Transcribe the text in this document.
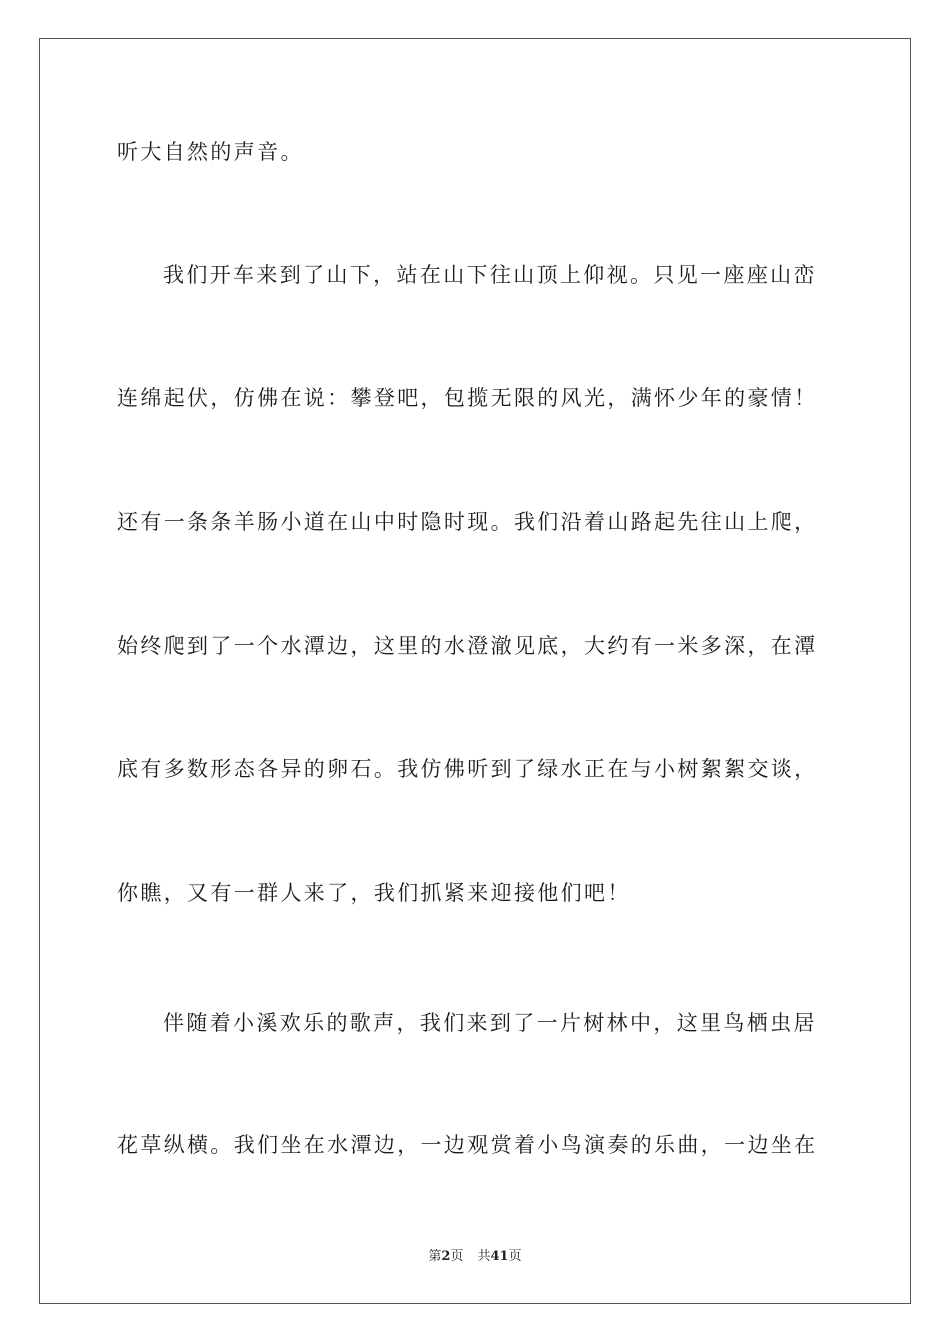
听大自然的声音。
我们开车来到了山下，站在山下往山顶上仰视。只见一座座山峦
连绵起伏，仿佛在说：攀登吧，包揽无限的风光，满怀少年的豪情！
还有一条条羊肠小道在山中时隐时现。我们沿着山路起先往山上爬，
始终爬到了一个水潭边，这里的水澄澈见底，大约有一米多深，在潭
底有多数形态各异的卵石。我仿佛听到了绿水正在与小树絮絮交谈，
你瞧，又有一群人来了，我们抓紧来迎接他们吧！
伴随着小溪欢乐的歌声，我们来到了一片树林中，这里鸟栖虫居
花草纵横。我们坐在水潭边，一边观赏着小鸟演奏的乐曲，一边坐在
第2页 共41页
